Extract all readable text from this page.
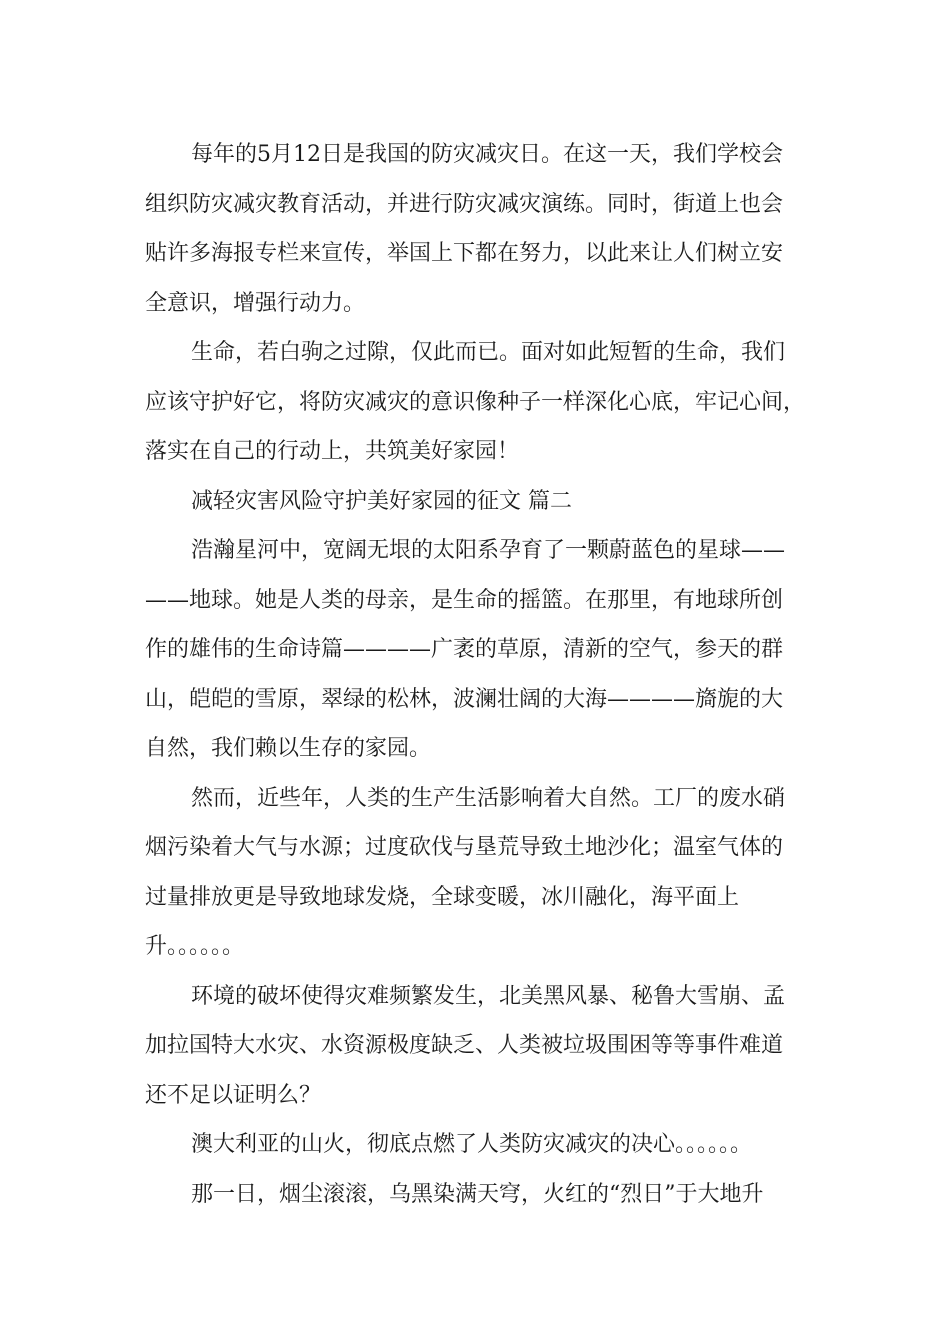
每年的5月12日是我国的防灾减灾日。在这一天，我们学校会
组织防灾减灾教育活动，并进行防灾减灾演练。同时，街道上也会
贴许多海报专栏来宣传，举国上下都在努力，以此来让人们树立安
全意识，增强行动力。
生命，若白驹之过隙，仅此而已。面对如此短暂的生命，我们
应该守护好它，将防灾减灾的意识像种子一样深化心底，牢记心间，
落实在自己的行动上，共筑美好家园！
减轻灾害风险守护美好家园的征文 篇二
浩瀚星河中，宽阔无垠的太阳系孕育了一颗蔚蓝色的星球——
——地球。她是人类的母亲，是生命的摇篮。在那里，有地球所创
作的雄伟的生命诗篇————广袤的草原，清新的空气，参天的群
山，皑皑的雪原，翠绿的松林，波澜壮阔的大海————旖旎的大
自然，我们赖以生存的家园。
然而，近些年，人类的生产生活影响着大自然。工厂的废水硝
烟污染着大气与水源；过度砍伐与垦荒导致土地沙化；温室气体的
过量排放更是导致地球发烧，全球变暖，冰川融化，海平面上
升。。。。。。
环境的破坏使得灾难频繁发生，北美黑风暴、秘鲁大雪崩、孟
加拉国特大水灾、水资源极度缺乏、人类被垃圾围困等等事件难道
还不足以证明么？
澳大利亚的山火，彻底点燃了人类防灾减灾的决心。。。。。。
那一日，烟尘滚滚，乌黑染满天穹，火红的“烈日”于大地升
